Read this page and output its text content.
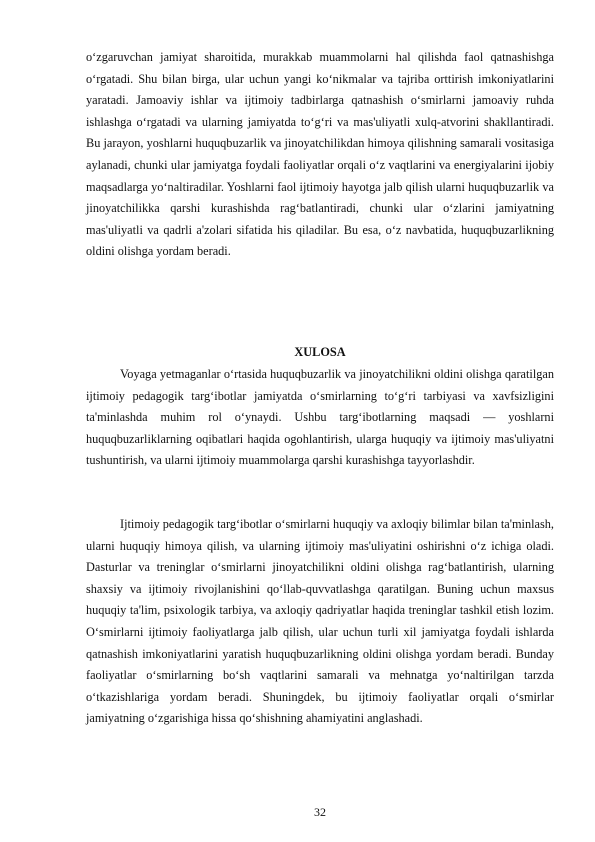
o‘zgaruvchan jamiyat sharoitida, murakkab muammolarni hal qilishda faol qatnashishga o‘rgatadi. Shu bilan birga, ular uchun yangi ko‘nikmalar va tajriba orttirish imkoniyatlarini yaratadi. Jamoaviy ishlar va ijtimoiy tadbirlarga qatnashish o‘smirlarni jamoaviy ruhda ishlashga o‘rgatadi va ularning jamiyatda to‘g‘ri va mas'uliyatli xulq-atvorini shakllantiradi. Bu jarayon, yoshlarni huquqbuzarlik va jinoyatchilikdan himoya qilishning samarali vositasiga aylanadi, chunki ular jamiyatga foydali faoliyatlar orqali o‘z vaqtlarini va energiyalarini ijobiy maqsadlarga yo‘naltiradilar. Yoshlarni faol ijtimoiy hayotga jalb qilish ularni huquqbuzarlik va jinoyatchilikka qarshi kurashishda rag‘batlantiradi, chunki ular o‘zlarini jamiyatning mas'uliyatli va qadrli a'zolari sifatida his qiladilar. Bu esa, o‘z navbatida, huquqbuzarlikning oldini olishga yordam beradi.

XULOSA

Voyaga yetmaganlar o‘rtasida huquqbuzarlik va jinoyatchilikni oldini olishga qaratilgan ijtimoiy pedagogik targ‘ibotlar jamiyatda o‘smirlarning to‘g‘ri tarbiyasi va xavfsizligini ta'minlashda muhim rol o‘ynaydi. Ushbu targ‘ibotlarning maqsadi — yoshlarni huquqbuzarliklarning oqibatlari haqida ogohlantirish, ularga huquqiy va ijtimoiy mas'uliyatni tushuntirish, va ularni ijtimoiy muammolarga qarshi kurashishga tayyorlashdir.

Ijtimoiy pedagogik targ‘ibotlar o‘smirlarni huquqiy va axloqiy bilimlar bilan ta'minlash, ularni huquqiy himoya qilish, va ularning ijtimoiy mas'uliyatini oshirishni o‘z ichiga oladi. Dasturlar va treninglar o‘smirlarni jinoyatchilikni oldini olishga rag‘batlantirish, ularning shaxsiy va ijtimoiy rivojlanishini qo‘llab-quvvatlashga qaratilgan. Buning uchun maxsus huquqiy ta'lim, psixologik tarbiya, va axloqiy qadriyatlar haqida treninglar tashkil etish lozim. O‘smirlarni ijtimoiy faoliyatlarga jalb qilish, ular uchun turli xil jamiyatga foydali ishlarda qatnashish imkoniyatlarini yaratish huquqbuzarlikning oldini olishga yordam beradi. Bunday faoliyatlar o‘smirlarning bo‘sh vaqtlarini samarali va mehnatga yo‘naltirilgan tarzda o‘tkazishlariga yordam beradi. Shuningdek, bu ijtimoiy faoliyatlar orqali o‘smirlar jamiyatning o‘zgarishiga hissa qo‘shishning ahamiyatini anglashadi.

32
